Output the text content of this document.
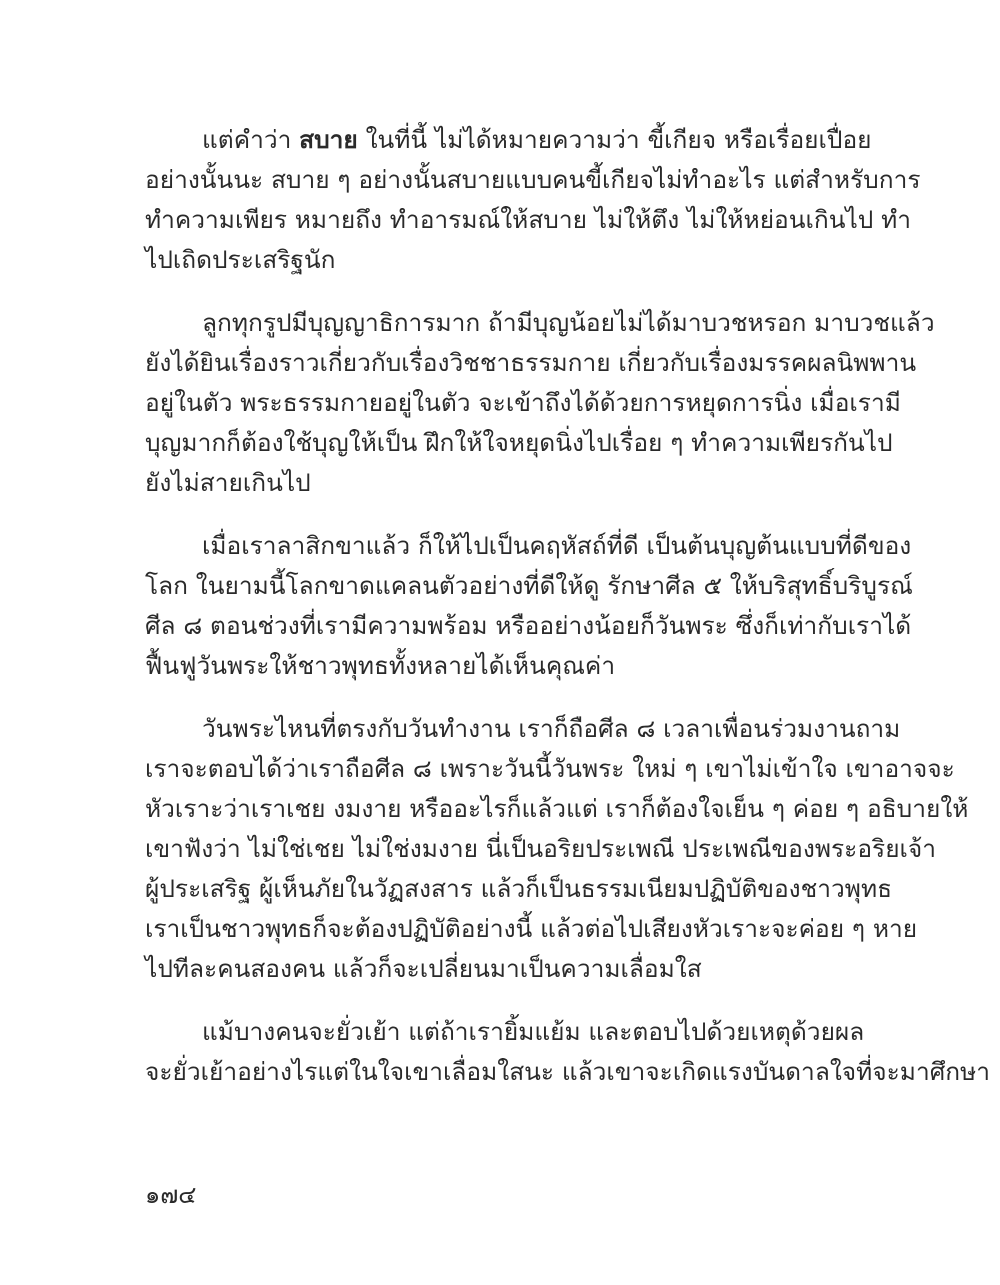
แต่คำว่า สบาย ในที่นี้ ไม่ได้หมายความว่า ขี้เกียจ หรือเรื่อยเปื่อย
อย่างนั้นนะ สบาย ๆ อย่างนั้นสบายแบบคนขี้เกียจไม่ทำอะไร แต่สำหรับการ
ทำความเพียร หมายถึง ทำอารมณ์ให้สบาย ไม่ให้ตึง ไม่ให้หย่อนเกินไป ทำ
ไปเถิดประเสริฐนัก
ลูกทุกรูปมีบุญญาธิการมาก ถ้ามีบุญน้อยไม่ได้มาบวชหรอก มาบวชแล้ว
ยังได้ยินเรื่องราวเกี่ยวกับเรื่องวิชชาธรรมกาย เกี่ยวกับเรื่องมรรคผลนิพพาน
อยู่ในตัว พระธรรมกายอยู่ในตัว จะเข้าถึงได้ด้วยการหยุดการนิ่ง เมื่อเรามี
บุญมากก็ต้องใช้บุญให้เป็น ฝึกให้ใจหยุดนิ่งไปเรื่อย ๆ ทำความเพียรกันไป
ยังไม่สายเกินไป
เมื่อเราลาสิกขาแล้ว ก็ให้ไปเป็นคฤหัสถ์ที่ดี เป็นต้นบุญต้นแบบที่ดีของ
โลก ในยามนี้โลกขาดแคลนตัวอย่างที่ดีให้ดู รักษาศีล ๕ ให้บริสุทธิ์บริบูรณ์
ศีล ๘ ตอนช่วงที่เรามีความพร้อม หรืออย่างน้อยก็วันพระ ซึ่งก็เท่ากับเราได้
ฟื้นฟูวันพระให้ชาวพุทธทั้งหลายได้เห็นคุณค่า
วันพระไหนที่ตรงกับวันทำงาน เราก็ถือศีล ๘ เวลาเพื่อนร่วมงานถาม
เราจะตอบได้ว่าเราถือศีล ๘ เพราะวันนี้วันพระ ใหม่ ๆ เขาไม่เข้าใจ เขาอาจจะ
หัวเราะว่าเราเชย งมงาย หรืออะไรก็แล้วแต่ เราก็ต้องใจเย็น ๆ ค่อย ๆ อธิบายให้
เขาฟังว่า ไม่ใช่เชย ไม่ใช่งมงาย นี่เป็นอริยประเพณี ประเพณีของพระอริยเจ้า
ผู้ประเสริฐ ผู้เห็นภัยในวัฏสงสาร แล้วก็เป็นธรรมเนียมปฏิบัติของชาวพุทธ
เราเป็นชาวพุทธก็จะต้องปฏิบัติอย่างนี้ แล้วต่อไปเสียงหัวเราะจะค่อย ๆ หาย
ไปทีละคนสองคน แล้วก็จะเปลี่ยนมาเป็นความเลื่อมใส
แม้บางคนจะยั่วเย้า แต่ถ้าเรายิ้มแย้ม และตอบไปด้วยเหตุด้วยผล
จะยั่วเย้าอย่างไรแต่ในใจเขาเลื่อมใสนะ แล้วเขาจะเกิดแรงบันดาลใจที่จะมาศึกษา
๑๗๔
